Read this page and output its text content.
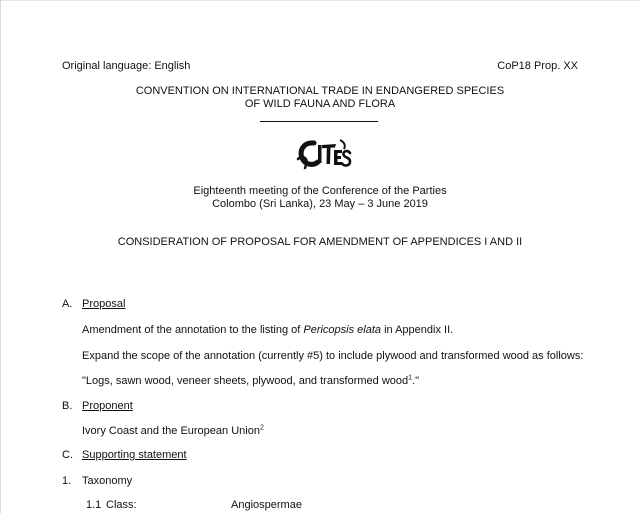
Original language: English	CoP18 Prop. XX
CONVENTION ON INTERNATIONAL TRADE IN ENDANGERED SPECIES
OF WILD FAUNA AND FLORA
Eighteenth meeting of the Conference of the Parties
Colombo (Sri Lanka), 23 May – 3 June 2019
CONSIDERATION OF PROPOSAL FOR AMENDMENT OF APPENDICES I AND II
A. Proposal
Amendment of the annotation to the listing of Pericopsis elata in Appendix II.
Expand the scope of the annotation (currently #5) to include plywood and transformed wood as follows:
"Logs, sawn wood, veneer sheets, plywood, and transformed wood$^1$."
B. Proponent
Ivory Coast and the European Union$^2$
C. Supporting statement
1. Taxonomy
1.1 Class:	Angiospermae
